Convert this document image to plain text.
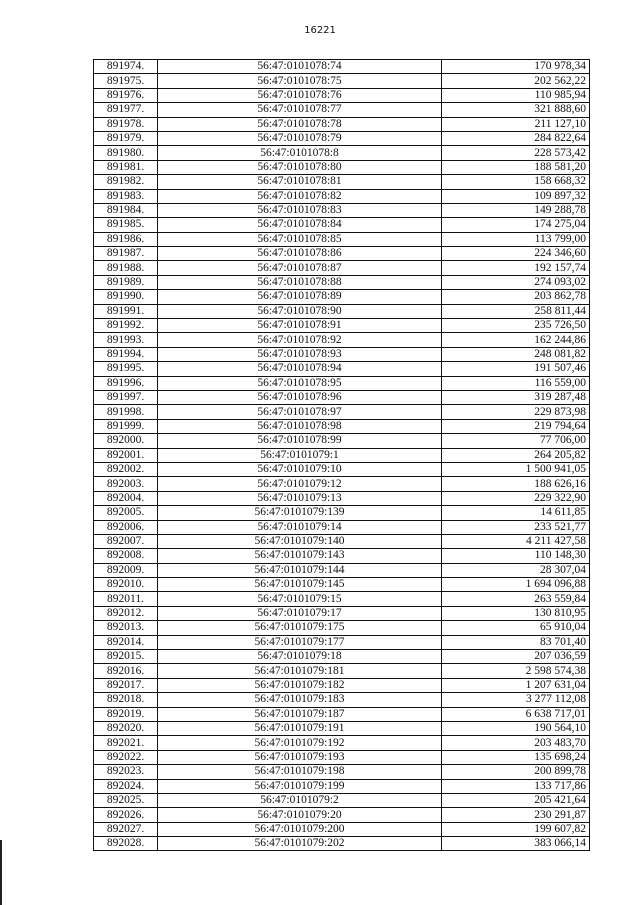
16221
891974.	56:47:0101078:74	170 978,34
891975.	56:47:0101078:75	202 562,22
891976.	56:47:0101078:76	110 985,94
891977.	56:47:0101078:77	321 888,60
891978.	56:47:0101078:78	211 127,10
891979.	56:47:0101078:79	284 822,64
891980.	56:47:0101078:8	228 573,42
891981.	56:47:0101078:80	188 581,20
891982.	56:47:0101078:81	158 668,32
891983.	56:47:0101078:82	109 897,32
891984.	56:47:0101078:83	149 288,78
891985.	56:47:0101078:84	174 275,04
891986.	56:47:0101078:85	113 799,00
891987.	56:47:0101078:86	224 346,60
891988.	56:47:0101078:87	192 157,74
891989.	56:47:0101078:88	274 093,02
891990.	56:47:0101078:89	203 862,78
891991.	56:47:0101078:90	258 811,44
891992.	56:47:0101078:91	235 726,50
891993.	56:47:0101078:92	162 244,86
891994.	56:47:0101078:93	248 081,82
891995.	56:47:0101078:94	191 507,46
891996.	56:47:0101078:95	116 559,00
891997.	56:47:0101078:96	319 287,48
891998.	56:47:0101078:97	229 873,98
891999.	56:47:0101078:98	219 794,64
892000.	56:47:0101078:99	77 706,00
892001.	56:47:0101079:1	264 205,82
892002.	56:47:0101079:10	1 500 941,05
892003.	56:47:0101079:12	188 626,16
892004.	56:47:0101079:13	229 322,90
892005.	56:47:0101079:139	14 611,85
892006.	56:47:0101079:14	233 521,77
892007.	56:47:0101079:140	4 211 427,58
892008.	56:47:0101079:143	110 148,30
892009.	56:47:0101079:144	28 307,04
892010.	56:47:0101079:145	1 694 096,88
892011.	56:47:0101079:15	263 559,84
892012.	56:47:0101079:17	130 810,95
892013.	56:47:0101079:175	65 910,04
892014.	56:47:0101079:177	83 701,40
892015.	56:47:0101079:18	207 036,59
892016.	56:47:0101079:181	2 598 574,38
892017.	56:47:0101079:182	1 207 631,04
892018.	56:47:0101079:183	3 277 112,08
892019.	56:47:0101079:187	6 638 717,01
892020.	56:47:0101079:191	190 564,10
892021.	56:47:0101079:192	203 483,70
892022.	56:47:0101079:193	135 698,24
892023.	56:47:0101079:198	200 899,78
892024.	56:47:0101079:199	133 717,86
892025.	56:47:0101079:2	205 421,64
892026.	56:47:0101079:20	230 291,87
892027.	56:47:0101079:200	199 607,82
892028.	56:47:0101079:202	383 066,14
